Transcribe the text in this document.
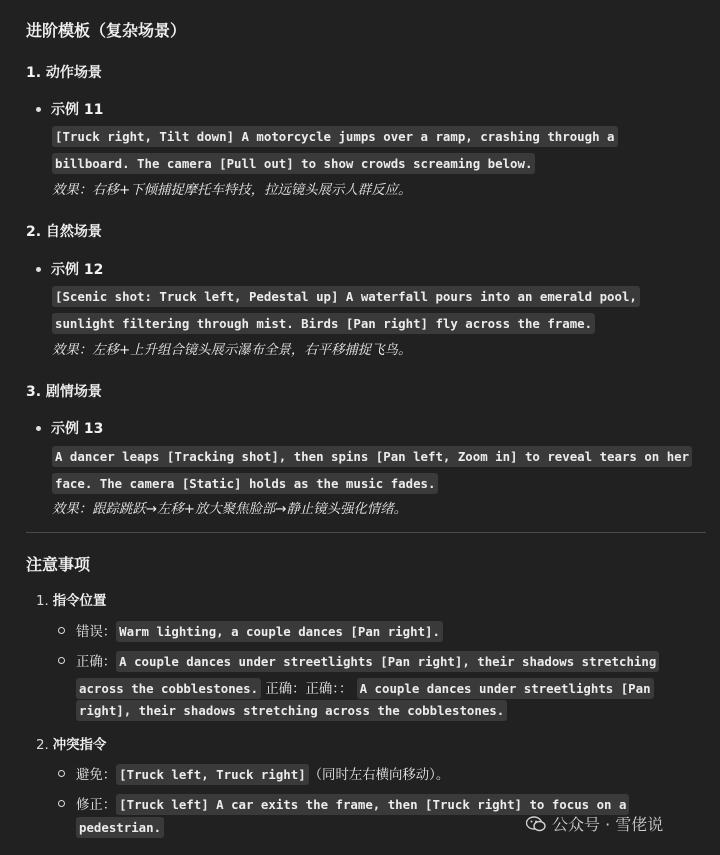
进阶模板（复杂场景）
1. 动作场景
示例 11
[Truck right, Tilt down] A motorcycle jumps over a ramp, crashing through a
billboard. The camera [Pull out] to show crowds screaming below.
效果：右移+下倾捕捉摩托车特技，拉远镜头展示人群反应。
2. 自然场景
示例 12
[Scenic shot: Truck left, Pedestal up] A waterfall pours into an emerald pool,
sunlight filtering through mist. Birds [Pan right] fly across the frame.
效果：左移+上升组合镜头展示瀑布全景，右平移捕捉飞鸟。
3. 剧情场景
示例 13
A dancer leaps [Tracking shot], then spins [Pan left, Zoom in] to reveal tears on her
face. The camera [Static] holds as the music fades.
效果：跟踪跳跃→左移+放大聚焦脸部→静止镜头强化情绪。
注意事项
1. 指令位置
错误： Warm lighting, a couple dances [Pan right].
正确： A couple dances under streetlights [Pan right], their shadows stretching
across the cobblestones. 正确：正确：： A couple dances under streetlights [Pan
right], their shadows stretching across the cobblestones.
2. 冲突指令
避免： [Truck left, Truck right] （同时左右横向移动）。
修正： [Truck left] A car exits the frame, then [Truck right] to focus on a
pedestrian.	公众号 · 雪佬说
